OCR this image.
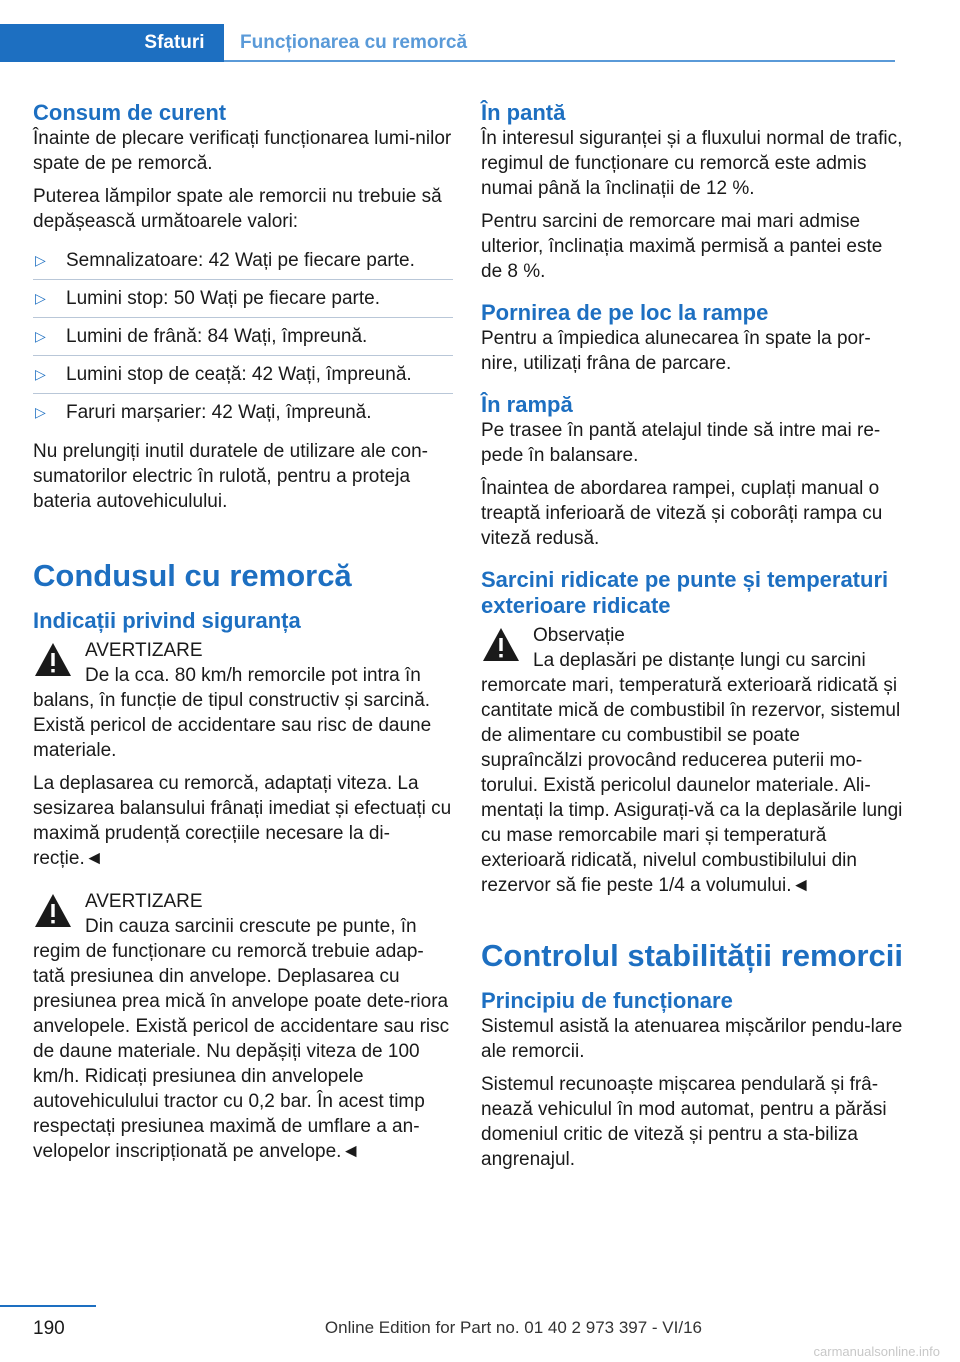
Sfaturi	Funcționarea cu remorcă
Consum de curent

Înainte de plecare verificați funcționarea lumi-nilor spate de pe remorcă.

Puterea lămpilor spate ale remorcii nu trebuie să depășească următoarele valori:

▷ Semnalizatoare: 42 Wați pe fiecare parte.
▷ Lumini stop: 50 Wați pe fiecare parte.
▷ Lumini de frână: 84 Wați, împreună.
▷ Lumini stop de ceață: 42 Wați, împreună.
▷ Faruri marșarier: 42 Wați, împreună.

Nu prelungiți inutil duratele de utilizare ale con-sumatorilor electric în rulotă, pentru a proteja bateria autovehiculului.

Condusul cu remorcă
Indicații privind siguranța
AVERTIZARE
De la cca. 80 km/h remorcile pot intra în balans, în funcție de tipul constructiv și sarcină. Există pericol de accidentare sau risc de daune materiale.

La deplasarea cu remorcă, adaptați viteza. La sesizarea balansului frânați imediat și efectuați cu maximă prudență corecțiile necesare la di-recție.◄

AVERTIZARE
Din cauza sarcinii crescute pe punte, în regim de funcționare cu remorcă trebuie adap-tată presiunea din anvelope. Deplasarea cu presiunea prea mică în anvelope poate dete-riora anvelopele. Există pericol de accidentare sau risc de daune materiale. Nu depășiți viteza de 100 km/h. Ridicați presiunea din anvelopele autovehiculului tractor cu 0,2 bar. În acest timp respectați presiunea maximă de umflare a an-velopelor inscripționată pe anvelope.◄
În pantă

În interesul siguranței și a fluxului normal de trafic, regimul de funcționare cu remorcă este admis numai până la înclinații de 12 %.

Pentru sarcini de remorcare mai mari admise ulterior, înclinația maximă permisă a pantei este de 8 %.

Pornirea de pe loc la rampe

Pentru a împiedica alunecarea în spate la por-nire, utilizați frâna de parcare.

În rampă

Pe trasee în pantă atelajul tinde să intre mai re-pede în balansare.

Înaintea de abordarea rampei, cuplați manual o treaptă inferioară de viteză și coborâți rampa cu viteză redusă.

Sarcini ridicate pe punte și temperaturi exterioare ridicate
Observație
La deplasări pe distanțe lungi cu sarcini remorcate mari, temperatură exterioară ridicată și cantitate mică de combustibil în rezervor, sistemul de alimentare cu combustibil se poate supraîncălzi provocând reducerea puterii mo-torului. Există pericolul daunelor materiale. Ali-mentați la timp. Asigurați-vă ca la deplasările lungi cu mase remorcabile mari și temperatură exterioară ridicată, nivelul combustibilului din rezervor să fie peste 1/4 a volumului.◄
Controlul stabilității remorcii
Principiu de funcționare

Sistemul asistă la atenuarea mișcărilor pendu-lare ale remorcii.

Sistemul recunoaște mișcarea pendulară și frâ-nează vehiculul în mod automat, pentru a părăsi domeniul critic de viteză și pentru a sta-biliza angrenajul.

190	Online Edition for Part no. 01 40 2 973 397 - VI/16
carmanualsonline.info
